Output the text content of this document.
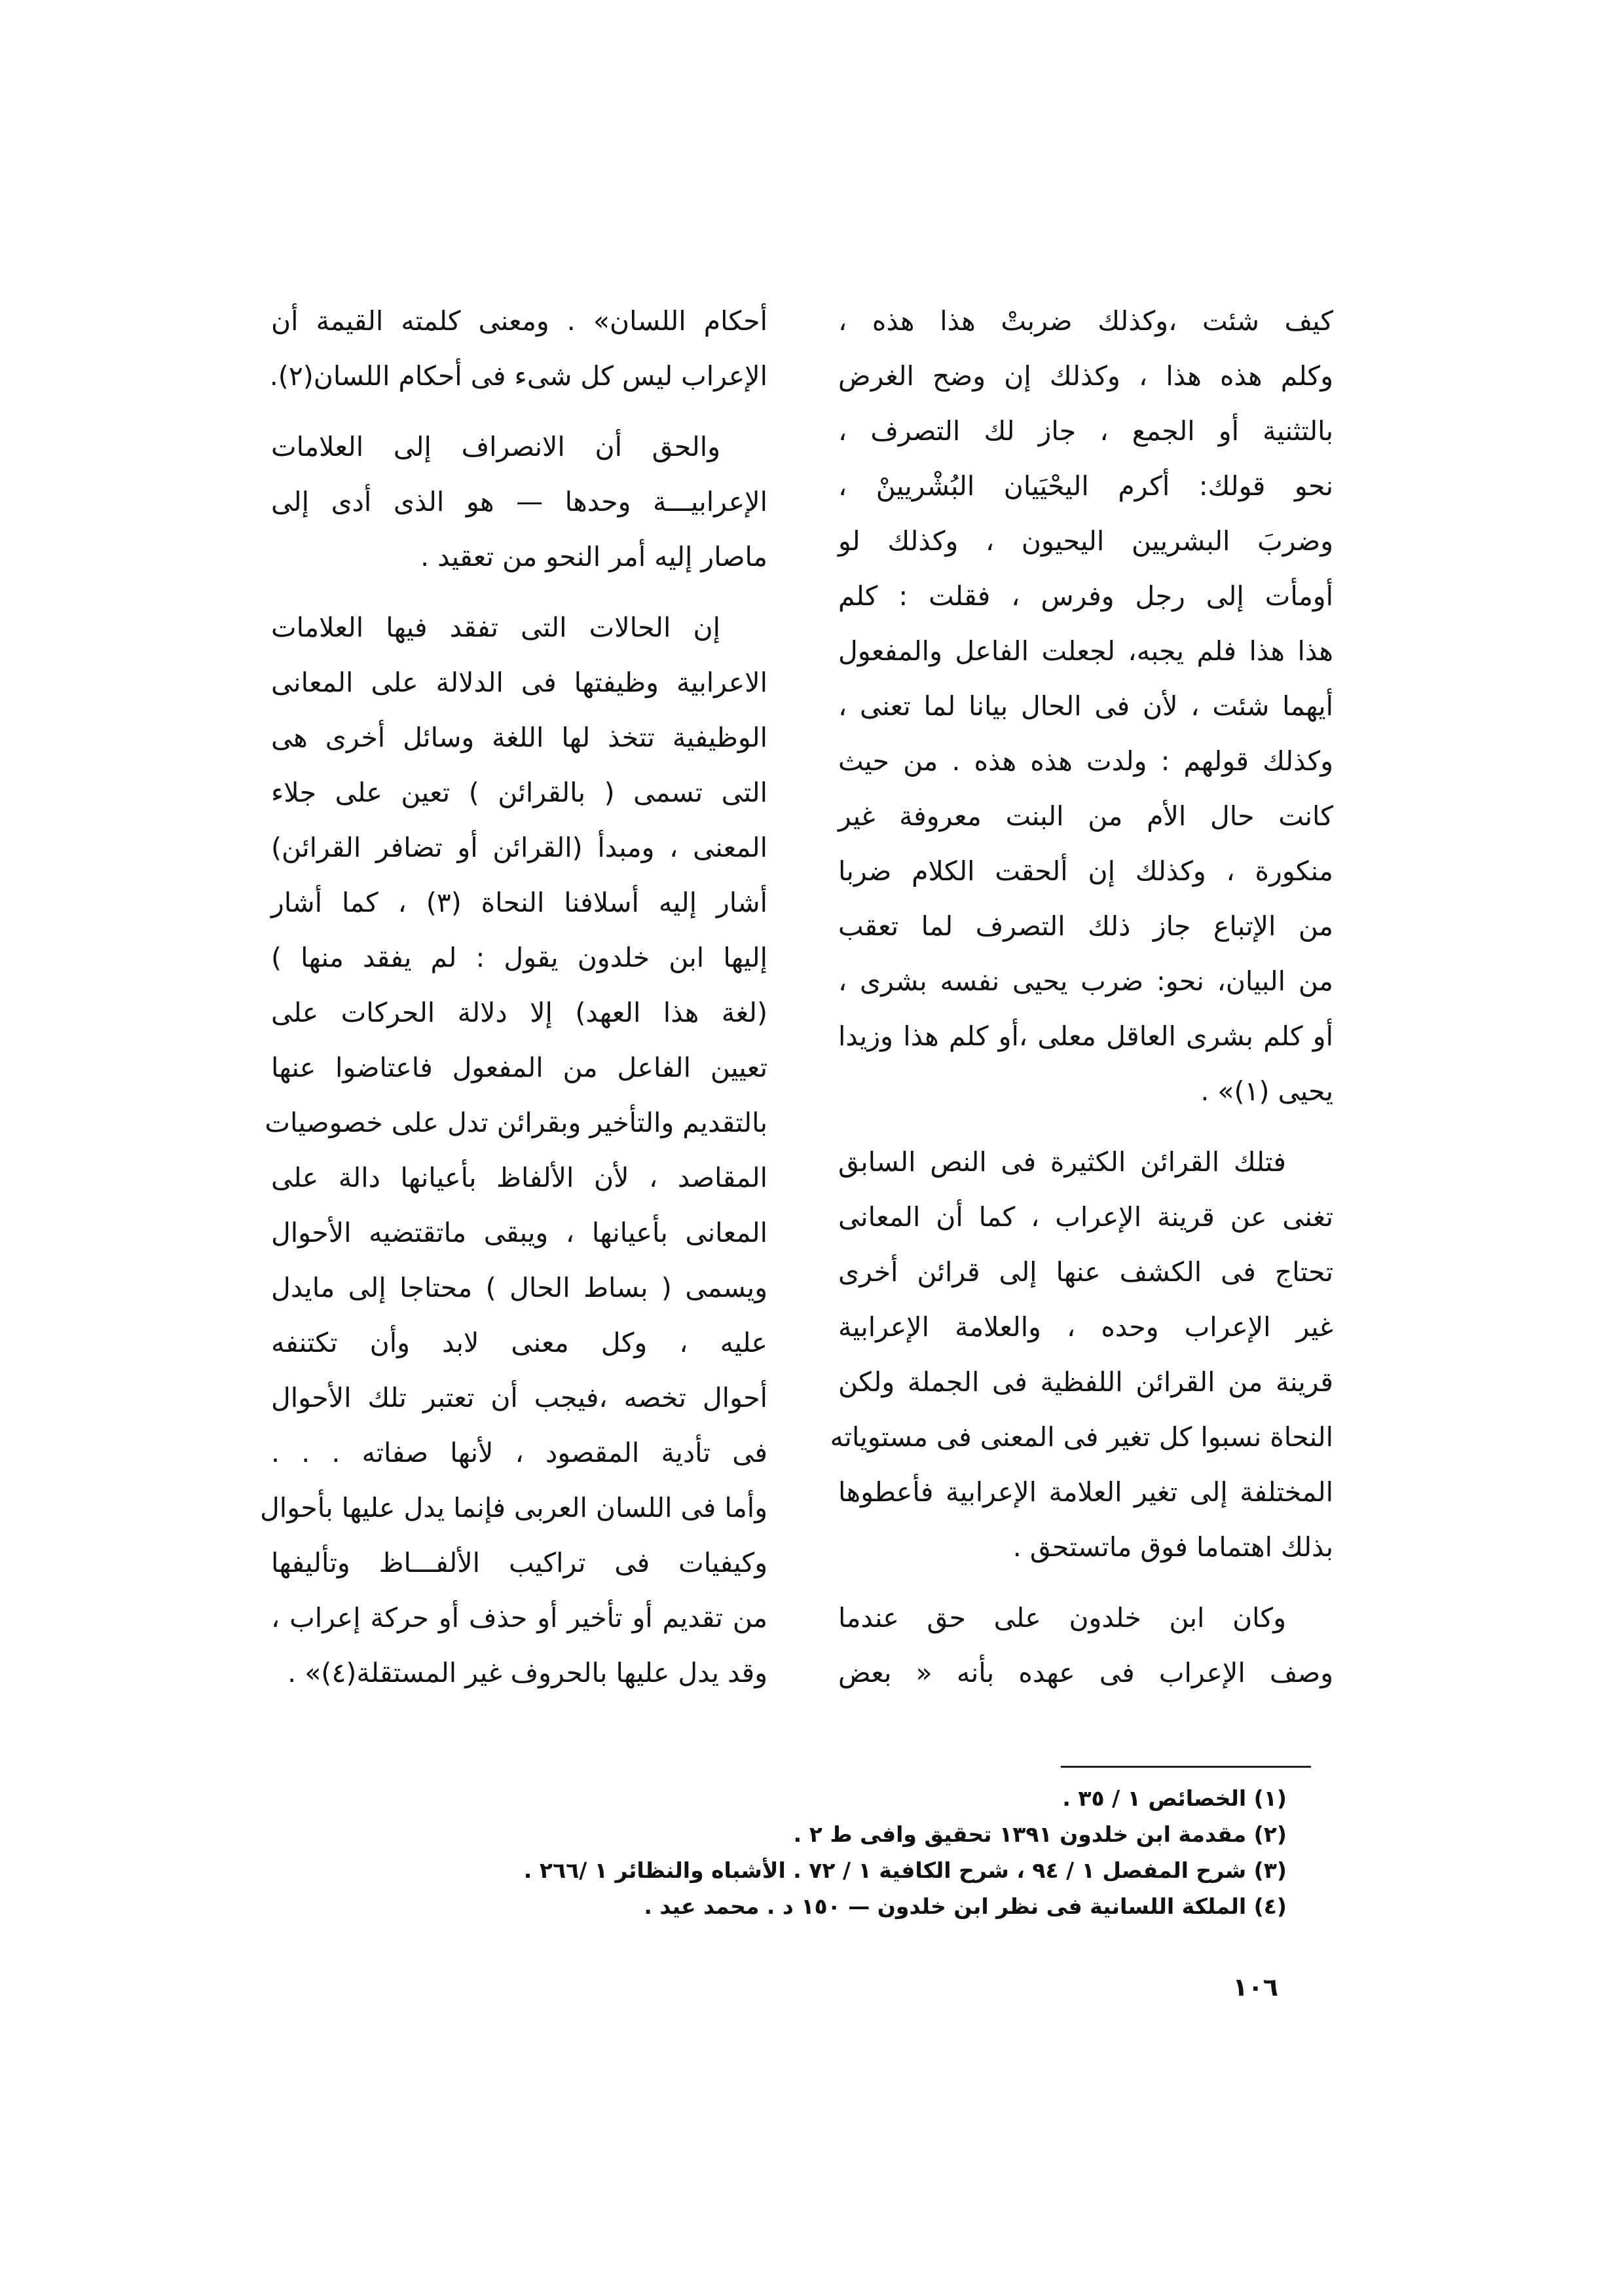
كيف شئت ،وكذلك ضربتْ هذا هذه ،
وكلم هذه هذا ، وكذلك إن وضح الغرض
بالتثنية أو الجمع ، جاز لك التصرف ،
نحو قولك: أكرم اليحْيَيان البُشْريينْ ،
وضربَ البشريين اليحيون ، وكذلك لو
أومأت إلى رجل وفرس ، فقلت : كلم
هذا هذا فلم يجبه، لجعلت الفاعل والمفعول
أيهما شئت ، لأن فى الحال بيانا لما تعنى ،
وكذلك قولهم : ولدت هذه هذه . من حيث
كانت حال الأم من البنت معروفة غير
منكورة ، وكذلك إن ألحقت الكلام ضربا
من الإتباع جاز ذلك التصرف لما تعقب
من البيان، نحو: ضرب يحيى نفسه بشرى ،
أو كلم بشرى العاقل معلى ،أو كلم هذا وزيدا
يحيى (١)» .
فتلك القرائن الكثيرة فى النص السابق
تغنى عن قرينة الإعراب ، كما أن المعانى
تحتاج فى الكشف عنها إلى قرائن أخرى
غير الإعراب وحده ، والعلامة الإعرابية
قرينة من القرائن اللفظية فى الجملة ولكن
النحاة نسبوا كل تغير فى المعنى فى مستوياته
المختلفة إلى تغير العلامة الإعرابية فأعطوها
بذلك اهتماما فوق ماتستحق .
وكان ابن خلدون على حق عندما
وصف الإعراب فى عهده بأنه « بعض
أحكام اللسان» . ومعنى كلمته القيمة أن
الإعراب ليس كل شىء فى أحكام اللسان(٢).
والحق أن الانصراف إلى العلامات
الإعرابيـــة وحدها — هو الذى أدى إلى
ماصار إليه أمر النحو من تعقيد .
إن الحالات التى تفقد فيها العلامات
الاعرابية وظيفتها فى الدلالة على المعانى
الوظيفية تتخذ لها اللغة وسائل أخرى هى
التى تسمى ( بالقرائن ) تعين على جلاء
المعنى ، ومبدأ (القرائن أو تضافر القرائن)
أشار إليه أسلافنا النحاة (٣) ، كما أشار
إليها ابن خلدون يقول : لم يفقد منها )
(لغة هذا العهد) إلا دلالة الحركات على
تعيين الفاعل من المفعول فاعتاضوا عنها
بالتقديم والتأخير وبقرائن تدل على خصوصيات
المقاصد ، لأن الألفاظ بأعيانها دالة على
المعانى بأعيانها ، ويبقى ماتقتضيه الأحوال
ويسمى ( بساط الحال ) محتاجا إلى مايدل
عليه ، وكل معنى لابد وأن تكتنفه
أحوال تخصه ،فيجب أن تعتبر تلك الأحوال
فى تأدية المقصود ، لأنها صفاته . . .
وأما فى اللسان العربى فإنما يدل عليها بأحوال
وكيفيات فى تراكيب الألفـــاظ وتأليفها
من تقديم أو تأخير أو حذف أو حركة إعراب ،
وقد يدل عليها بالحروف غير المستقلة(٤)» .
(١) الخصائص ١ / ٣٥ .
(٢) مقدمة ابن خلدون ١٣٩١ تحقيق وافى ط ٢ .
(٣) شرح المفصل ١ / ٩٤ ، شرح الكافية ١ / ٧٢ . الأشباه والنظائر ١ /٢٦٦ .
(٤) الملكة اللسانية فى نظر ابن خلدون — ١٥٠ د . محمد عيد .
١٠٦
